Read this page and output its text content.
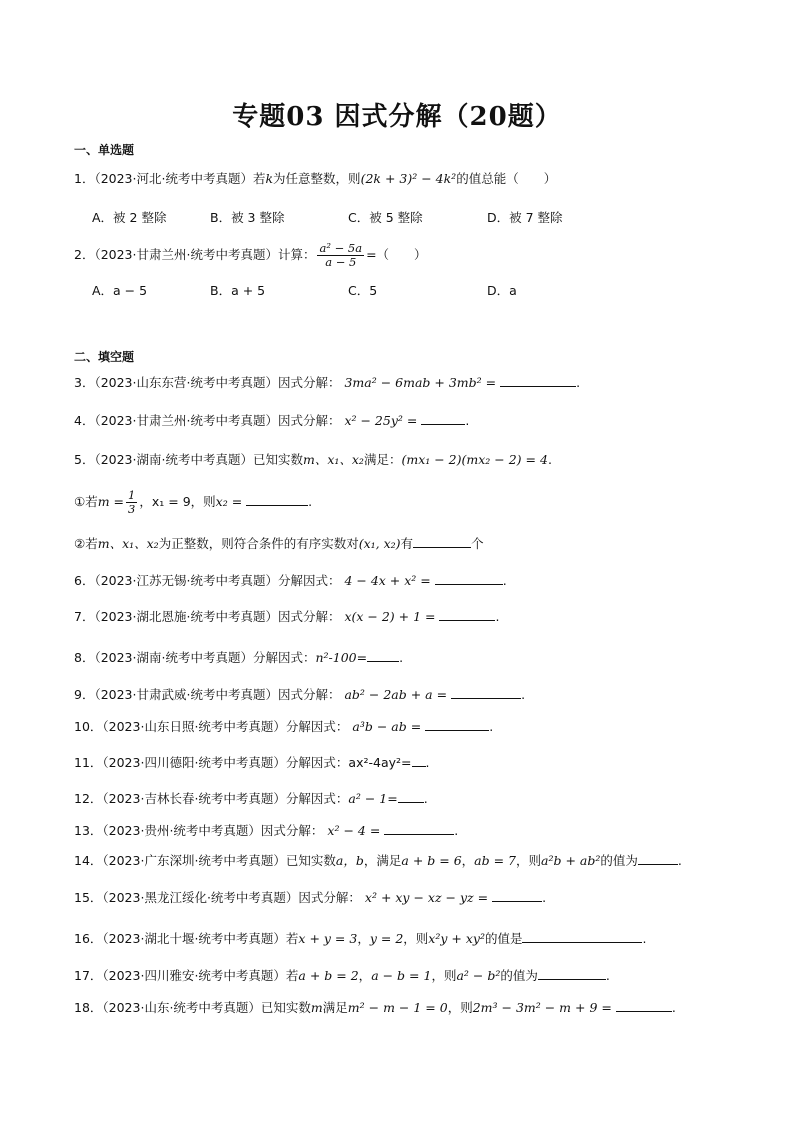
专题03 因式分解（20题）
一、单选题
1．（2023·河北·统考中考真题）若k为任意整数，则(2k + 3)² − 4k²的值总能（　　）
A．被 2 整除	B．被 3 整除	C．被 5 整除	D．被 7 整除
2．（2023·甘肃兰州·统考中考真题）计算： $\frac{\text{a² − 5a}}{a - 5}$ =（　　）
A．a − 5	B．a + 5	C．5	D．a
二、填空题
3．（2023·山东东营·统考中考真题）因式分解： 3ma² − 6mab + 3mb² =	.
4．（2023·甘肃兰州·统考中考真题）因式分解： x² − 25y² =	.
5．（2023·湖南·统考中考真题）已知实数m、x₁、x₂满足：(mx₁ − 2)(mx₂ − 2) = 4.
①若$m = \frac{1}{3}$ ，x₁ = 9，则x₂ =	.
②若m、x₁、x₂为正整数，则符合条件的有序实数对(x₁, x₂)有	个
6．（2023·江苏无锡·统考中考真题）分解因式： 4 − 4x + x² =	.
7．（2023·湖北恩施·统考中考真题）因式分解： x(x − 2) + 1 =	.
8．（2023·湖南·统考中考真题）分解因式：n²-100=	.
9．（2023·甘肃武威·统考中考真题）因式分解： ab² − 2ab + a =	.
10．（2023·山东日照·统考中考真题）分解因式： a³b − ab =	.
11．（2023·四川德阳·统考中考真题）分解因式：ax²-4ay²= .
12．（2023·吉林长春·统考中考真题）分解因式：a² − 1= .
13．（2023·贵州·统考中考真题）因式分解： x² − 4 =	.
14．（2023·广东深圳·统考中考真题）已知实数a，b，满足a + b = 6，ab = 7，则a²b + ab²的值为	.
15．（2023·黑龙江绥化·统考中考真题）因式分解： x² + xy − xz − yz =	.
16．（2023·湖北十堰·统考中考真题）若x + y = 3，y = 2，则x²y + xy²的值是	.
17．（2023·四川雅安·统考中考真题）若a + b = 2，a − b = 1，则a² − b²的值为	.
18．（2023·山东·统考中考真题）已知实数m满足m² − m − 1 = 0，则2m³ − 3m² − m + 9 =	.
